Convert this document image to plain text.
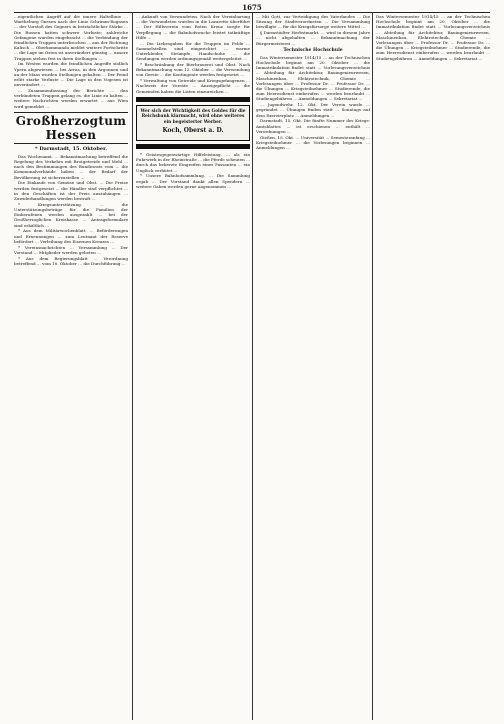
1675

...eigentlichen Angriff auf die innere Haltellinie ... Wartheburg Gnesen nach der Linie Schrimm-Rogasen ... der Vorstoß des Gegners in beträchtlicher Stärke ... Die Russen hatten schwere Verluste; zahlreiche Gefangene wurden eingebracht ... die Verbindung der feindlichen Truppen unterbrochen ... aus der Richtung Kalisch ... Oberkommando meldet weitere Fortschritte ... die Lage im Osten ist unverändert günstig ... unsere Truppen stehen fest in ihren Stellungen ...

Im Westen wurden die feindlichen Angriffe südlich Ypern abgewiesen ... bei Arras, in den Argonnen und an der Maas wurden Stellungen gehalten ... Der Feind erlitt starke Verluste ... Die Lage in den Vogesen ist unverändert ...

... Zusammenfassung der Berichte ... den verbündeten Truppen gelang es, die Linie zu halten ... weitere Nachrichten werden erwartet ... aus Wien wird gemeldet ...

Großherzogtum Hessen
* Darmstadt, 15. Oktober.

Das Wochenamt. ... Bekanntmachung betreffend die Regelung des Verkehrs mit Brotgetreide und Mehl ... nach den Bestimmungen des Bundesrats vom ... die Kommunalverbände haben ... der Bedarf der Bevölkerung ist sicherzustellen ...

Die Einkaufe von Gemüse und Obst. ... Die Preise werden festgesetzt ... die Händler sind verpflichtet ... in den Geschäften ist der Preis auszuhängen ... Zuwiderhandlungen werden bestraft ...

* Kriegsunterstützung. ... die Unterstützungsbeträge für die Familien der Einberufenen werden ausgezahlt ... bei der Großherzoglichen Kreiskasse ... Antragsformulare sind erhältlich ...

* Aus dem Militärwochenblatt. ... Beförderungen und Ernennungen ... zum Leutnant der Reserve befördert ... Verleihung des Eisernen Kreuzes ...

* Vereinsnachrichten ... Versammlung ... Der Vorstand ... Mitglieder werden gebeten ...

* Aus dem Regierungsblatt ... Verordnung betreffend ... vom 10. Oktober ... die Durchführung ...

... Ankunft von Verwundeten. Nach der Vereinbarung ... die Verwundeten wurden in die Lazarette überführt ... Der Hilfsverein vom Roten Kreuz sorgte für Verpflegung ... die Bahnhofswache leistet tatkräftige Hilfe ...

... Die Liebesgaben für die Truppen im Felde ... Sammelstellen sind eingerichtet ... warme Unterkleider, Strümpfe, Handschuhe ... die Sendungen werden ordnungsgemäß weitergeleitet ...

* Beschränkung der Bierbrauerei und Obst. Nach Bekanntmachung vom 12. Oktober ... die Verwendung von Gerste ... die Kontingente werden festgesetzt ...

* Verwaltung von Getreide und Kriegsgefangenen ... Nachweis der Vorräte ... Anzeigepflicht ... die Gemeinden haben die Listen einzureichen ...

Wer sich der Wichtigkeit des Goldes für die Reichsbank klarmacht, wird ohne weiteres ein begeisterter Werber.
Koch, Oberst a. D.

* Geistesgegenwärtige Hilfeleistung. ... als ein Fuhrwerk in der Rheinstraße ... die Pferde scheuten ... durch das beherzte Eingreifen eines Passanten ... ein Unglück verhütet ...

* Unsere Bahnhofsammlung. ... Die Sammlung ergab ... Der Vorstand dankt allen Spendern ... weitere Gaben werden gerne angenommen ...

... Mit Gott, zur Verteidigung des Vaterlandes ... Die Sitzung der Stadtverordneten ... Die Versammlung bewilligte ... für die Kriegsfürsorge weitere Mittel ...

§ Darmstädter Herbstmarkt. ... wird in diesem Jahre ... nicht abgehalten ... Bekanntmachung der Bürgermeisterei ...

Technische Hochschule

Das Wintersemester 1914/15 ... an der Technischen Hochschule beginnt am 20. Oktober ... die Immatrikulation findet statt ... Vorlesungsverzeichnis ... Abteilung für Architektur, Bauingenieurwesen, Maschinenbau, Elektrotechnik, Chemie ... Vorlesungen über ... Professor Dr. ... Professor Dr. ... die Übungen ... Kriegsteilnehmer ... Studierende, die zum Heeresdienst einberufen ... werden beurlaubt ... Studiengebühren ... Anmeldungen ... Sekretariat ...

... Jugendwehr. 12. Okt. Der Verein wurde ... gegründet ... Übungen finden statt ... Sonntags auf dem Exerzierplatz ... Anmeldungen ...

Darmstadt, 15. Okt. Die fünfte Nummer des Kriegs-Amtsblattes ... ist erschienen ... enthält ... Verordnungen ...

Gießen, 15. Okt. ... Universität ... Semesteranfang ... Kriegsteilnehmer ... die Vorlesungen beginnen ... Anmeldungen ...

Das Wintersemester 1914/15 ... an der Technischen Hochschule beginnt am 20. Oktober ... die Immatrikulation findet statt ... Vorlesungsverzeichnis ... Abteilung für Architektur, Bauingenieurwesen, Maschinenbau, Elektrotechnik, Chemie ... Vorlesungen über ... Professor Dr. ... Professor Dr. ... die Übungen ... Kriegsteilnehmer ... Studierende, die zum Heeresdienst einberufen ... werden beurlaubt ... Studiengebühren ... Anmeldungen ... Sekretariat ...
